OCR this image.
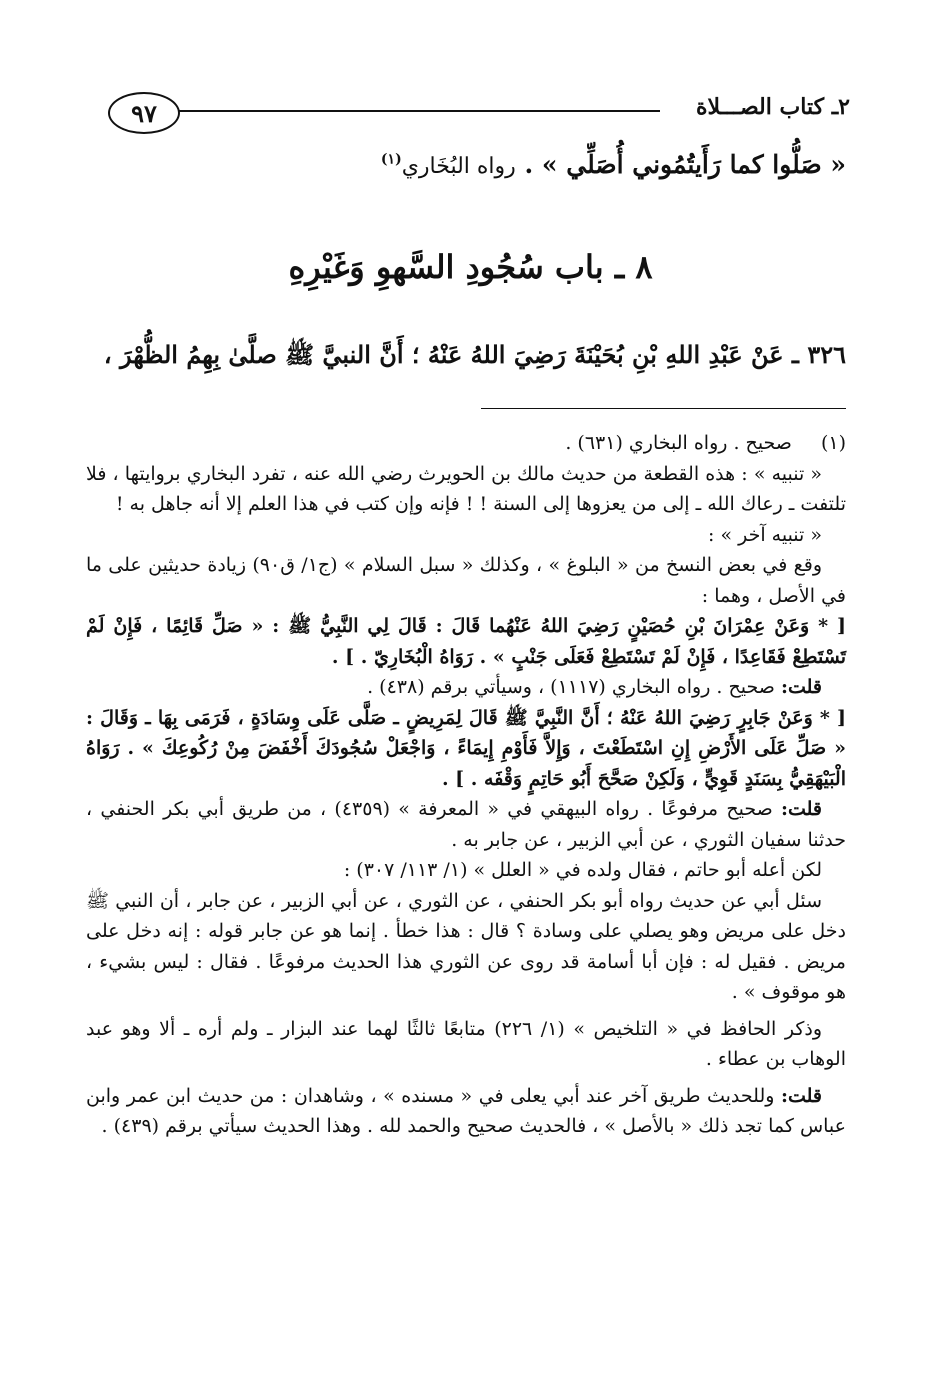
٩٧	٢ـ كتاب الصـــلاة
« صَلُّوا كما رَأَيتُمُوني أُصَلِّي » . رواه البُخَاري$^{(١)}$
٨ ـ باب سُجُودِ السَّهوِ وَغَيْرِهِ
٣٢٦ ـ عَنْ عَبْدِ اللهِ بْنِ بُحَيْنَةَ رَضِيَ اللهُ عَنْهُ ؛ أَنَّ النبيَّ ﷺ صلَّىٰ بِهِمُ الظُّهْرَ ،

(١) صحيح . رواه البخاري (٦٣١) .

« تنبيه » : هذه القطعة من حديث مالك بن الحويرث رضي الله عنه ، تفرد البخاري بروايتها ، فلا تلتفت ـ رعاك الله ـ إلى من يعزوها إلى السنة ! ! فإنه وإن كتب في هذا العلم إلا أنه جاهل به !

« تنبيه آخر » :

وقع في بعض النسخ من « البلوغ » ، وكذلك « سبل السلام » (ج١/ ق٩٠) زيادة حديثين على ما في الأصل ، وهما :

[ * وَعَنْ عِمْرَانَ بْنِ حُصَيْنٍ رَضِيَ اللهُ عَنْهُما قَالَ : قَالَ لِي النَّبِيُّ ﷺ : « صَلِّ قَائِمًا ، فَإِنْ لَمْ تَسْتَطِعْ فَقَاعِدًا ، فَإِنْ لَمْ تَسْتَطِعْ فَعَلَى جَنْبٍ » . رَوَاهُ الْبُخَارِيّ . ] .

قلت: صحيح . رواه البخاري (١١١٧) ، وسيأتي برقم (٤٣٨) .

[ * وَعَنْ جَابِرٍ رَضِيَ اللهُ عَنْهُ ؛ أَنَّ النَّبِيَّ ﷺ قَالَ لِمَرِيضٍ ـ صَلَّى عَلَى وِسَادَةٍ ، فَرَمَى بِهَا ـ وَقَالَ : « صَلِّ عَلَى الأَرْضِ إِنِ اسْتَطَعْتَ ، وَإِلاَّ فَأَوْمِ إِيمَاءً ، وَاجْعَلْ سُجُودَكَ أَخْفَضَ مِنْ رُكُوعِكَ » . رَوَاهُ الْبَيْهَقِيُّ بِسَنَدٍ قَوِيٍّ ، وَلَكِنْ صَحَّحَ أَبُو حَاتِمٍ وَقْفَه . ] .

قلت: صحيح مرفوعًا . رواه البيهقي في « المعرفة » (٤٣٥٩) ، من طريق أبي بكر الحنفي ، حدثنا سفيان الثوري ، عن أبي الزبير ، عن جابر به .

لكن أعله أبو حاتم ، فقال ولده في « العلل » (١/ ١١٣/ ٣٠٧) :

سئل أبي عن حديث رواه أبو بكر الحنفي ، عن الثوري ، عن أبي الزبير ، عن جابر ، أن النبي ﷺ دخل على مريض وهو يصلي على وسادة ؟ قال : هذا خطأ . إنما هو عن جابر قوله : إنه دخل على مريض . فقيل له : فإن أبا أسامة قد روى عن الثوري هذا الحديث مرفوعًا . فقال : ليس بشيء ، هو موقوف » .

وذكر الحافظ في « التلخيص » (١/ ٢٢٦) متابعًا ثالثًا لهما عند البزار ـ ولم أره ـ ألا وهو عبد الوهاب بن عطاء .

قلت: وللحديث طريق آخر عند أبي يعلى في « مسنده » ، وشاهدان : من حديث ابن عمر وابن عباس كما تجد ذلك « بالأصل » ، فالحديث صحيح والحمد لله . وهذا الحديث سيأتي برقم (٤٣٩) .
